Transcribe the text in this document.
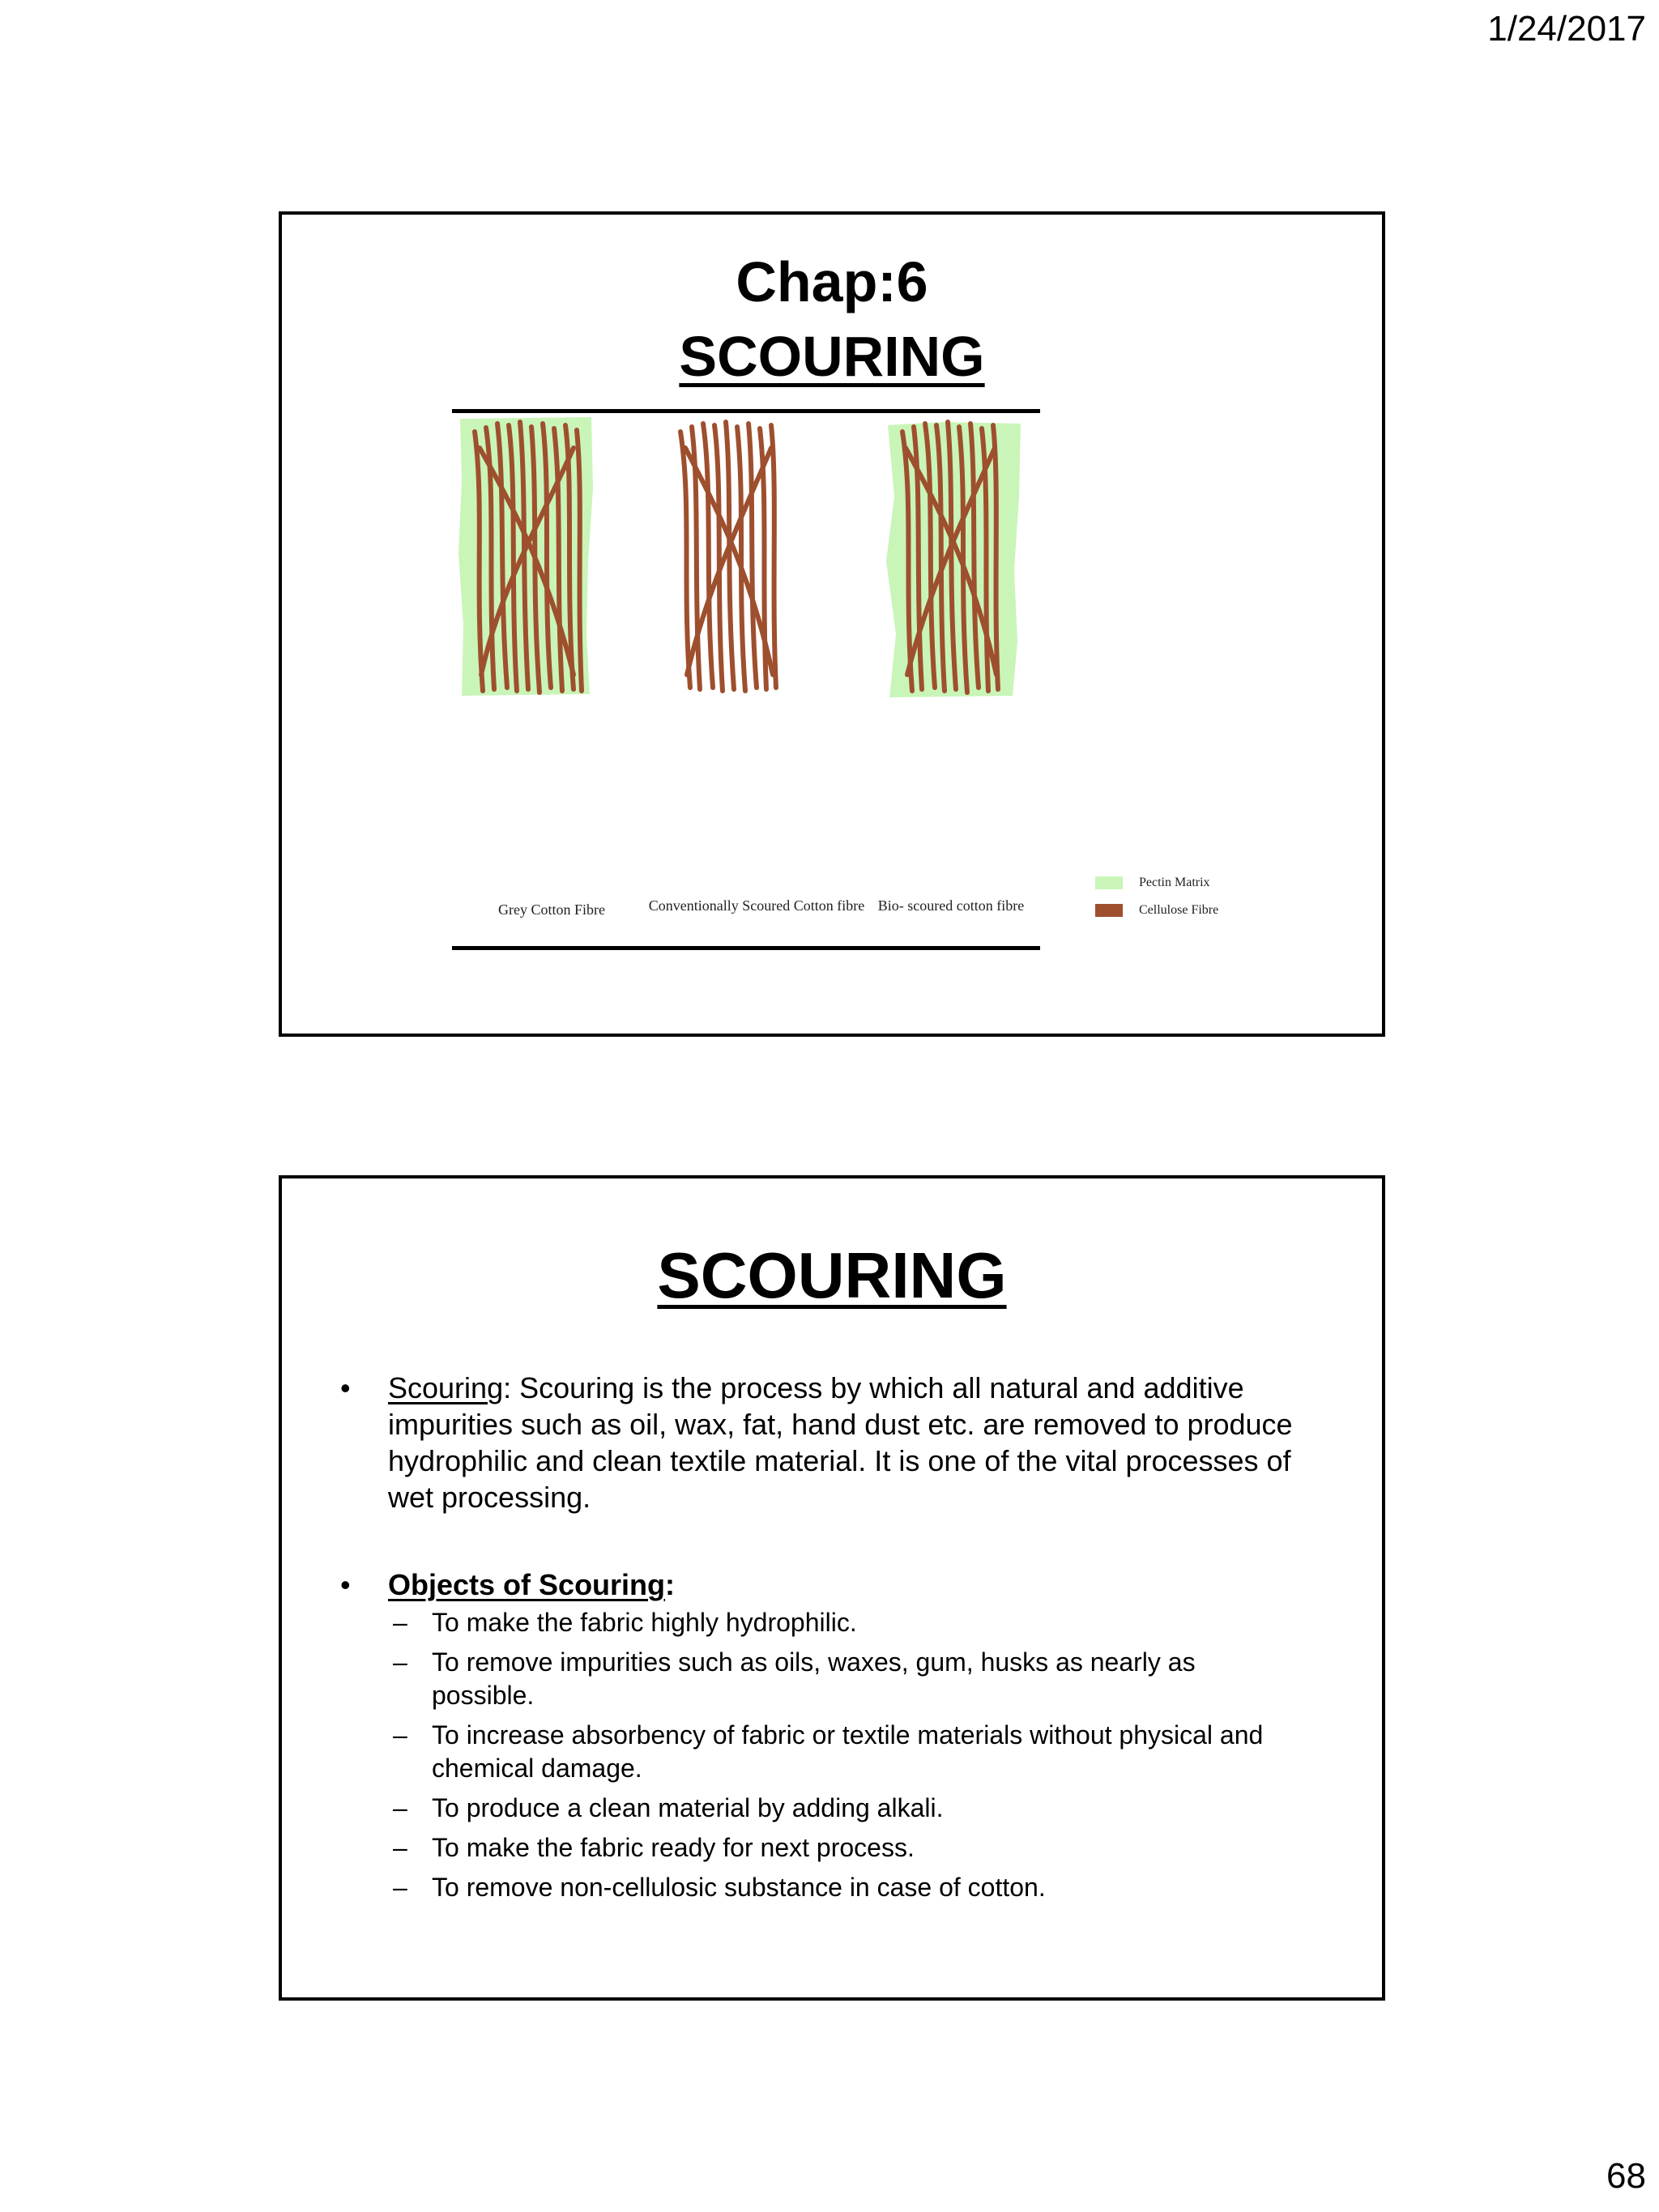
1/24/2017
Chap:6
SCOURING
Grey Cotton Fibre	Conventionally Scoured Cotton fibre Bio- scoured cotton fibre
Pectin Matrix
Cellulose Fibre
SCOURING
•	Scouring: Scouring is the process by which all natural and additive impurities such as oil, wax, fat, hand dust etc. are removed to produce hydrophilic and clean textile material. It is one of the vital processes of wet processing.
•	Objects of Scouring:
– To make the fabric highly hydrophilic.
– To remove impurities such as oils, waxes, gum, husks as nearly as possible.
– To increase absorbency of fabric or textile materials without physical and chemical damage.
– To produce a clean material by adding alkali.
– To make the fabric ready for next process.
– To remove non-cellulosic substance in case of cotton.
68
